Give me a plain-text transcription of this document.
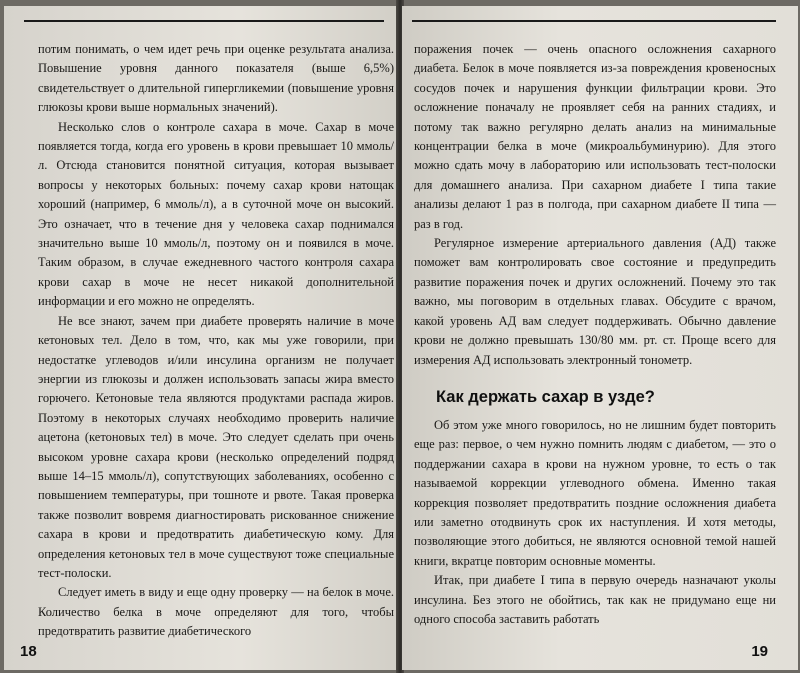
потим понимать, о чем идет речь при оценке результата анализа. Повышение уровня данного показателя (выше 6,5%) свидетельствует о длительной гипергликемии (повышение уровня глюкозы крови выше нормальных значений).

Несколько слов о контроле сахара в моче. Сахар в моче появляется тогда, когда его уровень в крови превышает 10 ммоль/л. Отсюда становится понятной ситуация, которая вызывает вопросы у некоторых больных: почему сахар крови натощак хороший (например, 6 ммоль/л), а в суточной моче он высокий. Это означает, что в течение дня у человека сахар поднимался значительно выше 10 ммоль/л, поэтому он и появился в моче. Таким образом, в случае ежедневного частого контроля сахара крови сахар в моче не несет никакой дополнительной информации и его можно не определять.

Не все знают, зачем при диабете проверять наличие в моче кетоновых тел. Дело в том, что, как мы уже говорили, при недостатке углеводов и/или инсулина организм не получает энергии из глюкозы и должен использовать запасы жира вместо горючего. Кетоновые тела являются продуктами распада жиров. Поэтому в некоторых случаях необходимо проверить наличие ацетона (кетоновых тел) в моче. Это следует сделать при очень высоком уровне сахара крови (несколько определений подряд выше 14–15 ммоль/л), сопутствующих заболеваниях, особенно с повышением температуры, при тошноте и рвоте. Такая проверка также позволит вовремя диагностировать рискованное снижение сахара в крови и предотвратить диабетическую кому. Для определения кетоновых тел в моче существуют тоже специальные тест-полоски.

Следует иметь в виду и еще одну проверку — на белок в моче. Количество белка в моче определяют для того, чтобы предотвратить развитие диабетического

18

поражения почек — очень опасного осложнения сахарного диабета. Белок в моче появляется из-за повреждения кровеносных сосудов почек и нарушения функции фильтрации крови. Это осложнение поначалу не проявляет себя на ранних стадиях, и потому так важно регулярно делать анализ на минимальные концентрации белка в моче (микроальбуминурию). Для этого можно сдать мочу в лабораторию или использовать тест-полоски для домашнего анализа. При сахарном диабете I типа такие анализы делают 1 раз в полгода, при сахарном диабете II типа — раз в год.

Регулярное измерение артериального давления (АД) также поможет вам контролировать свое состояние и предупредить развитие поражения почек и других осложнений. Почему это так важно, мы поговорим в отдельных главах. Обсудите с врачом, какой уровень АД вам следует поддерживать. Обычно давление крови не должно превышать 130/80 мм. рт. ст. Проще всего для измерения АД использовать электронный тонометр.

Как держать сахар в узде?

Об этом уже много говорилось, но не лишним будет повторить еще раз: первое, о чем нужно помнить людям с диабетом, — это о поддержании сахара в крови на нужном уровне, то есть о так называемой коррекции углеводного обмена. Именно такая коррекция позволяет предотвратить поздние осложнения диабета или заметно отодвинуть срок их наступления. И хотя методы, позволяющие этого добиться, не являются основной темой нашей книги, вкратце повторим основные моменты.

Итак, при диабете I типа в первую очередь назначают уколы инсулина. Без этого не обойтись, так как не придумано еще ни одного способа заставить работать

19
